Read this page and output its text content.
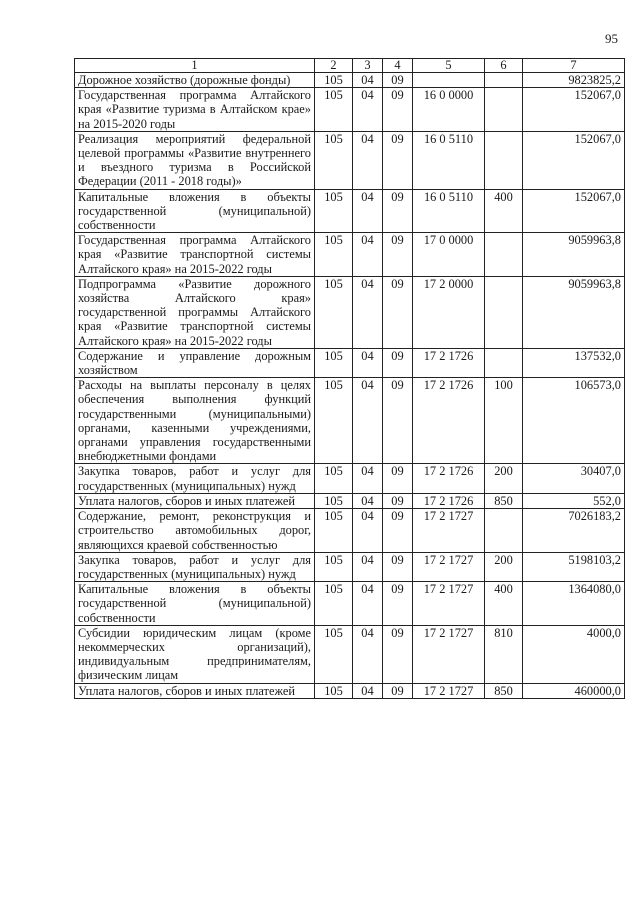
95
1	2	3	4	5	6	7
Дорожное хозяйство (дорожные фонды)	105	04	09			9823825,2
Государственная программа Алтайского края «Развитие туризма в Алтайском крае» на 2015-2020 годы	105	04	09	16 0 0000		152067,0
Реализация мероприятий федеральной целевой программы «Развитие внутреннего и въездного туризма в Российской Федерации (2011 - 2018 годы)»	105	04	09	16 0 5110		152067,0
Капитальные вложения в объекты государственной (муниципальной) собственности	105	04	09	16 0 5110	400	152067,0
Государственная программа Алтайского края «Развитие транспортной системы Алтайского края» на 2015-2022 годы	105	04	09	17 0 0000		9059963,8
Подпрограмма «Развитие дорожного хозяйства Алтайского края» государственной программы Алтайского края «Развитие транспортной системы Алтайского края» на 2015-2022 годы	105	04	09	17 2 0000		9059963,8
Содержание и управление дорожным хозяйством	105	04	09	17 2 1726		137532,0
Расходы на выплаты персоналу в целях обеспечения выполнения функций государственными (муниципальными) органами, казенными учреждениями, органами управления государственными внебюджетными фондами	105	04	09	17 2 1726	100	106573,0
Закупка товаров, работ и услуг для государственных (муниципальных) нужд	105	04	09	17 2 1726	200	30407,0
Уплата налогов, сборов и иных платежей	105	04	09	17 2 1726	850	552,0
Содержание, ремонт, реконструкция и строительство автомобильных дорог, являющихся краевой собственностью	105	04	09	17 2 1727		7026183,2
Закупка товаров, работ и услуг для государственных (муниципальных) нужд	105	04	09	17 2 1727	200	5198103,2
Капитальные вложения в объекты государственной (муниципальной) собственности	105	04	09	17 2 1727	400	1364080,0
Субсидии юридическим лицам (кроме некоммерческих организаций), индивидуальным предпринимателям, физическим лицам	105	04	09	17 2 1727	810	4000,0
Уплата налогов, сборов и иных платежей	105	04	09	17 2 1727	850	460000,0
